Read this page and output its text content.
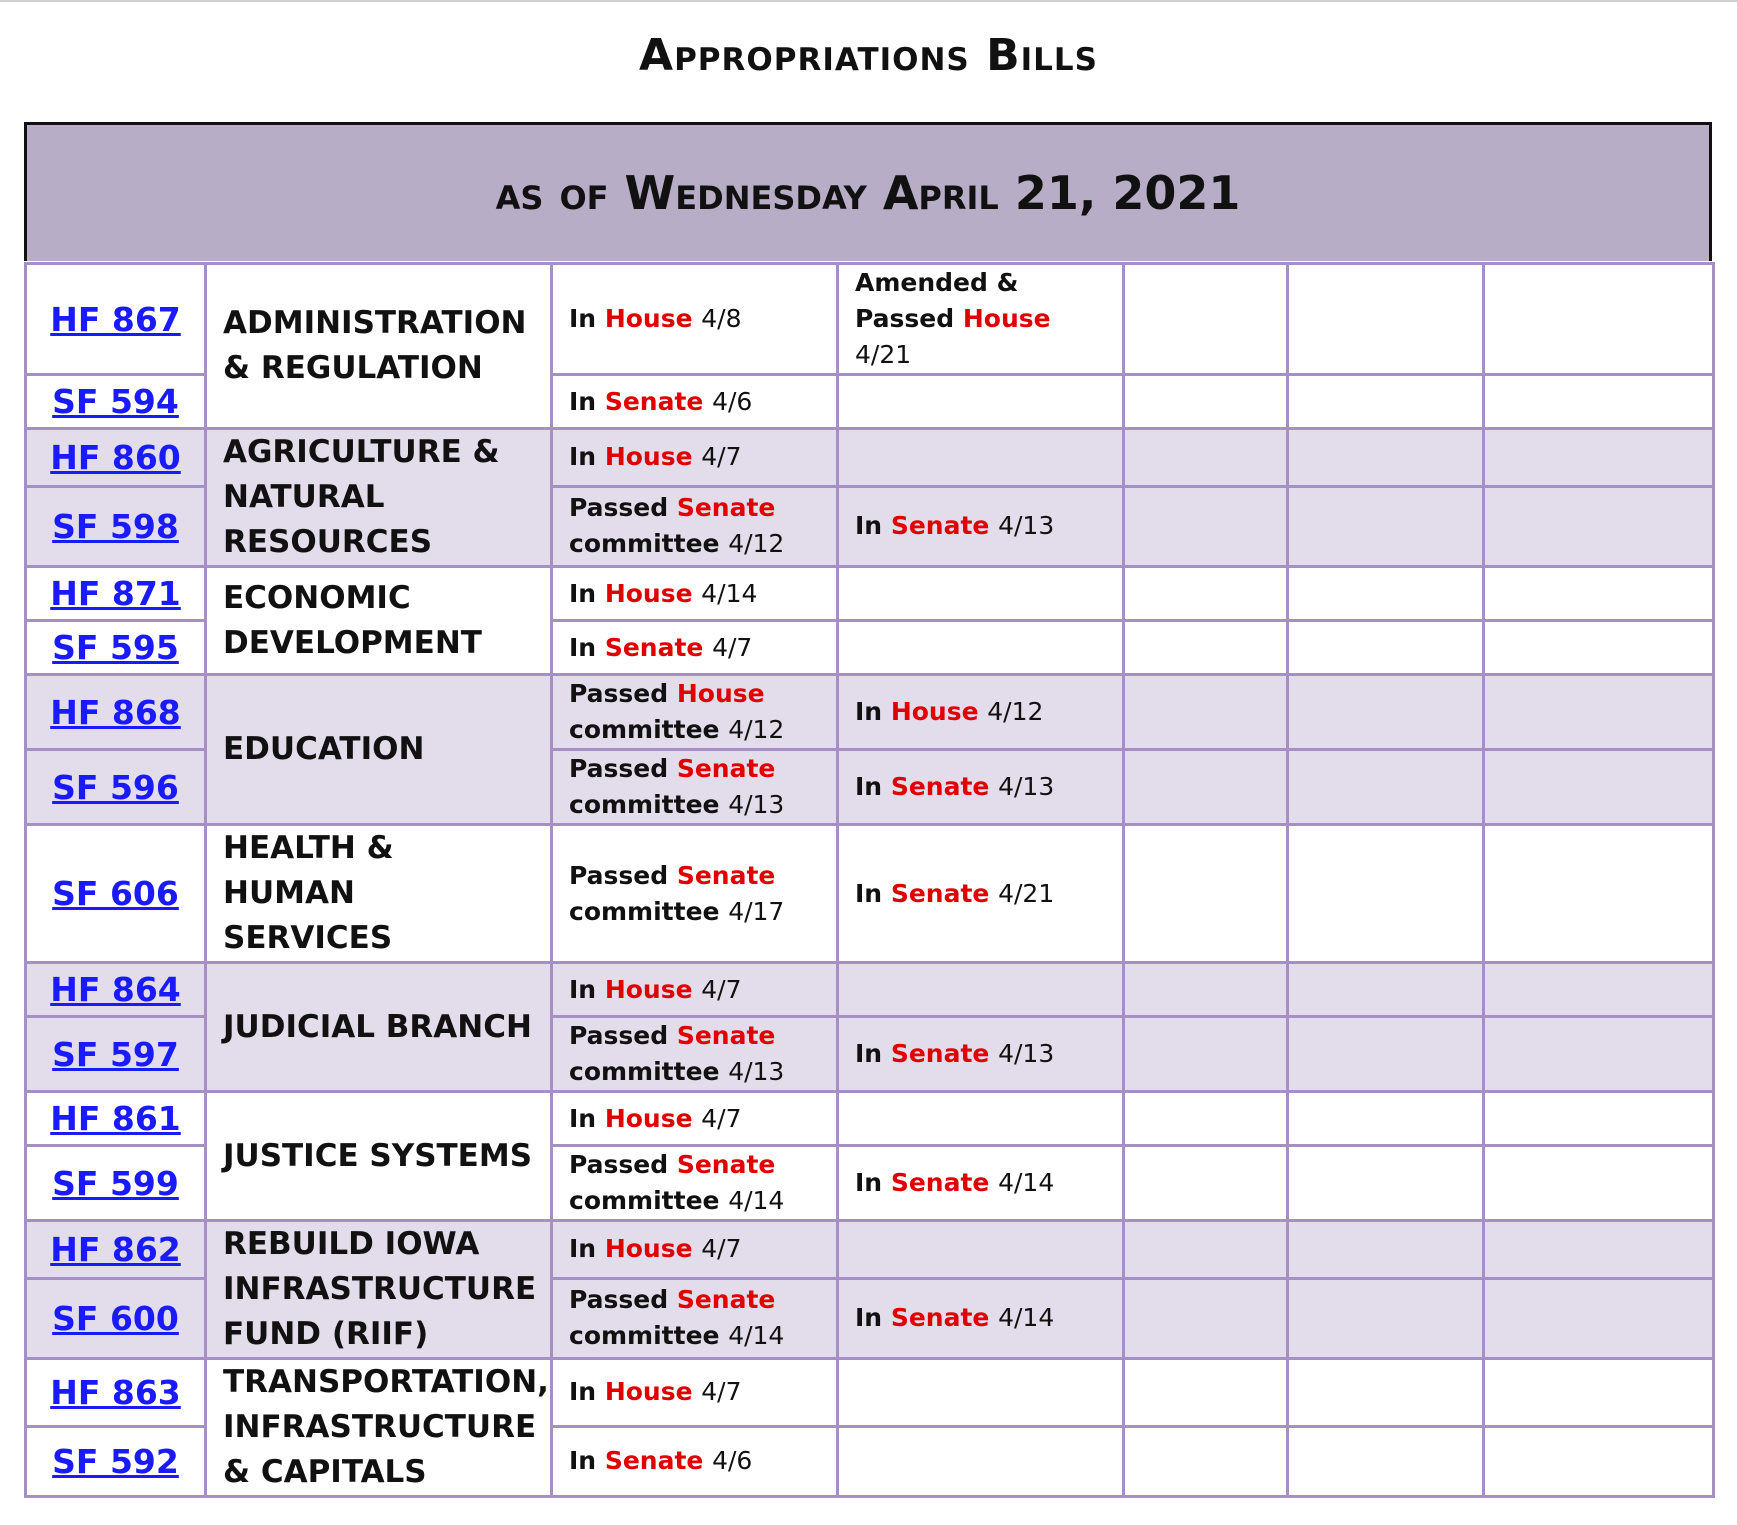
Appropriations Bills
as of Wednesday April 21, 2021
HF 867	ADMINISTRATION & REGULATION	In House 4/8	Amended & Passed House 4/21			
SF 594		In Senate 4/6				
HF 860	AGRICULTURE & NATURAL RESOURCES	In House 4/7				
SF 598		Passed Senate
committee 4/12	In Senate 4/13			
HF 871	ECONOMIC DEVELOPMENT	In House 4/14				
SF 595		In Senate 4/7				
HF 868	EDUCATION	Passed House
committee 4/12	In House 4/12			
SF 596		Passed Senate
committee 4/13	In Senate 4/13			
SF 606	HEALTH & HUMAN SERVICES	Passed Senate
committee 4/17	In Senate 4/21			
HF 864	JUDICIAL BRANCH	In House 4/7				
SF 597		Passed Senate
committee 4/13	In Senate 4/13			
HF 861	JUSTICE SYSTEMS	In House 4/7				
SF 599		Passed Senate
committee 4/14	In Senate 4/14			
HF 862	REBUILD IOWA INFRASTRUCTURE FUND (RIIF)	In House 4/7				
SF 600		Passed Senate
committee 4/14	In Senate 4/14			
HF 863	TRANSPORTATION, INFRASTRUCTURE & CAPITALS	In House 4/7				
SF 592		In Senate 4/6				
